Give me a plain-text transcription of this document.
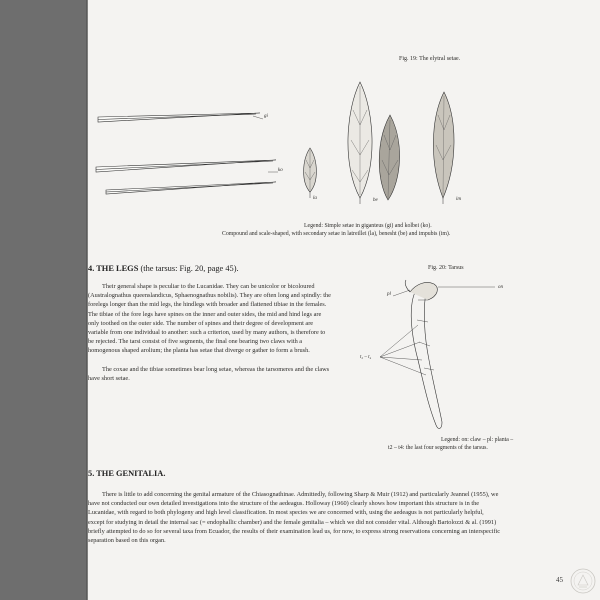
Fig. 19: The elytral setae.
gi
ko
la	be	im
Legend: Simple setae in giganteus (gi) and kolbei (ko).
Compound and scale-shaped, with secondary setae in latreillei (la), benesht (be) and impubis (im).
4. THE LEGS (the tarsus: Fig. 20, page 45).	Fig. 20: Tarsus

Their general shape is peculiar to the Lucanidae. They can be unicolor or bicoloured (Australognathus queenslandicus, Sphaenognathus nobilis). They are often long and spindly: the forelegs longer than the mid legs, the hindlegs with broader and flattened tibiae in the females. The tibiae of the fore legs have spines on the inner and outer sides, the mid and hind legs are only toothed on the outer side. The number of spines and their degree of development are variable from one individual to another: such a criterion, used by many authors, is therefore to be rejected. The tarsi consist of five segments, the final one bearing two claws with a homogenous shaped arolium; the planta has setae that diverge or gather to form a brush.

The coxae and the tibiae sometimes bear long setae, whereas the tarsomeres and the claws have short setae.

pl
on
t₂ – t₄
Legend: on: claw – pl: planta –
t2 – t4: the last four segments of the tarsus.
5. THE GENITALIA.

There is little to add concerning the genital armature of the Chiasognathinae. Admittedly, following Sharp & Muir (1912) and particularly Jeannel (1955), we have not conducted our own detailed investigations into the structure of the aedeagus. Holloway (1960) clearly shows how important this structure is in the Lucanidae, with regard to both phylogeny and high level classification. In most species we are concerned with, using the aedeagus is not particularly helpful, except for studying in detail the internal sac (= endophallic chamber) and the female genitalia – which we did not consider vital. Although Bartolozzi & al. (1991) briefly attempted to do so for several taxa from Ecuador, the results of their examination lead us, for now, to express strong reservations concerning an interspecific separation based on this organ.

45
